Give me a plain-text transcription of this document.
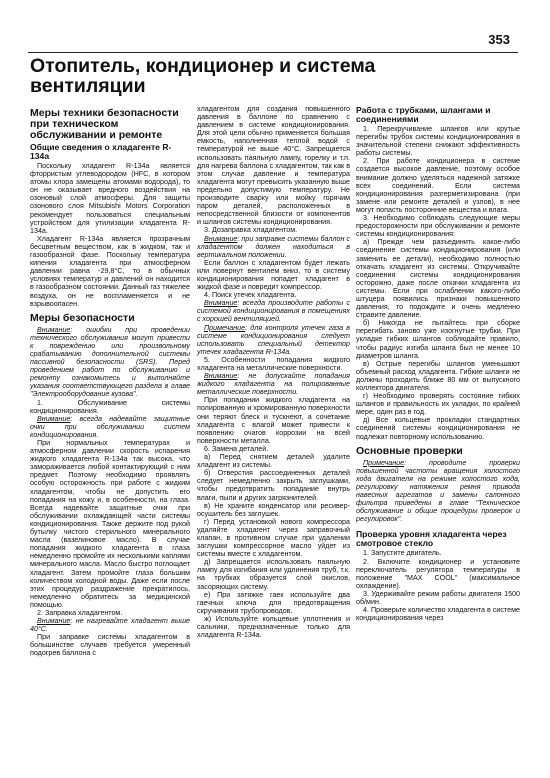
353
Отопитель, кондиционер и система вентиляции
Меры техники безопасности при техническом обслуживании и ремонте
Общие сведения о хладагенте R-134a

Поскольку хладагент R-134a является фторристым углеводородом (HFC, в котором атомы хлора замещены атомами водорода), то он не оказывает вредного воздействия на озоновый слой атмосферы. Для защиты озонового слоя Mitsubishi Motors Corporation рекомендует пользоваться специальным устройством для утилизации хладагента R-134a.

Хладагент R-134a является прозрачным бесцветным веществом, как в жидком, так и газообразной фазе. Поскольку температура кипения хладагента при атмосферном давлении равна -29,8°C, то в обычных условиях температур и давлений он находится в газообразном состоянии. Данный газ тяжелее воздуха, он не воспламеняется и не взрывоопасен.

Меры безопасности

Внимание: ошибки при проведении технического обслуживания могут привести к повреждению или произвольному срабатыванию дополнительной системы пассивной безопасности (SRS). Перед проведением работ по обслуживанию и ремонту ознакомьтесь и выполняйте указания соответствующего раздела в главе "Электрооборудование кузова".

1. Обслуживание системы кондиционирования.

Внимание: всегда надевайте защитные очки при обслуживании систем кондиционирования.

При нормальных температурах и атмосферном давлении скорость испарения жидкого хладагента R-134a так высока, что замораживается любой контактирующий с ним предмет. Поэтому необходимо проявлять особую осторожность при работе с жидким хладагентом, чтобы не допустить его попадания на кожу и, в особенности, на глаза. Всегда надевайте защитные очки при обслуживании охлаждающей части системы кондиционирования. Также держите под рукой бутылку чистого стерильного минерального масла (вазелиновое масло). В случае попадания жидкого хладагента в глаза немедленно промойте их несколькими каплями минерального масла. Масло быстро поглощает хладагент. Затем промойте глаза большим количеством холодной воды. Даже если после этих процедур раздражение прекратилось, немедленно обратитесь за медицинской помощью.

2. Заправка хладагентом.

Внимание: не нагревайте хладагент выше 40°C.

При заправке системы хладагентом в большинстве случаев требуется умеренный подогрев баллона с

хладагентом для создания повышенного давления в баллоне по сравнению с давлением в системе кондиционирования. Для этой цели обычно применяется большая емкость, наполненная теплой водой с температурой не выше 40°C. Запрещается использовать паяльную лампу, горелку и т.п. для нагрева баллона с хладагентом, так как в этом случае давление и температура хладагента могут превысить указанную выше предельно допустимую температуру. Не производите сварку или мойку горячим паром деталей, расположенных в непосредственной близости от компонентов и шлангов системы кондиционирования.

3. Дозаправка хладагентом.

Внимание: при заправке системы баллон с хладагентом должен находиться в вертикальном положении.

Если баллон с хладагентом будет лежать или повернут вентилем вниз, то в систему кондиционирования попадет хладагент в жидкой фазе и повредит компрессор.

4. Поиск утечек хладагента.

Внимание: всегда производите работы с системой кондиционирования в помещениях с хорошей вентиляцией.

Примечание: для контроля утечек газа в системе кондиционирования следует использовать специальный детектор утечек хладагента R-134a.

5. Особенности попадания жидкого хладагента на металлические поверхности.

Внимание: не допускайте попадания жидкого хладагента на полированные металлические поверхности.

При попадании жидкого хладагента на полированную и хромированную поверхности они теряют блеск и тускнеют, а сочетание хладагента с влагой может привести к появлению очагов коррозии на всей поверхности металла.

6. Замена деталей.

а) Перед снятием деталей удалите хладагент из системы.

б) Отверстия рассоединенных деталей следует немедленно закрыть заглушками, чтобы предотвратить попадание внутрь влаги, пыли и других загрязнителей.

в) Не храните конденсатор или ресивер-осушитель без заглушек.

г) Перед установкой нового компрессора удаляйте хладагент через заправочный клапан, в противном случае при удалении заглушки компрессорное масло уйдет из системы вместе с хладагентом.

д) Запрещается использовать паяльную лампу для изгибания или удлинения труб, т.к. на трубках образуется слой окислов, засоряющих систему.

е) При затяжке гаек используйте два гаечных ключа для предотвращения скручивания трубопроводов.

ж) Используйте кольцевые уплотнения и сальники, предназначенные только для хладагента R-134a.

Работа с трубками, шлангами и соединениями

1. Перекручивание шлангов или крутые перегибы трубок системы кондиционирования в значительной степени снижают эффективность работы системы.

2. При работе кондиционера в системе создается высокое давление, поэтому особое внимание должно уделяться надежной затяжке всех соединений. Если система кондиционирования разгерметизирована (при замене или ремонте деталей и узлов), в нее могут попасть посторонние вещества и влага.

3. Необходимо соблюдать следующие меры предосторожности при обслуживании и ремонте системы кондиционирования:

а) Прежде чем разъединить какое-либо соединение системы кондиционирования (или заменить ее детали), необходимо полностью откачать хладагент из системы. Откручивайте соединения системы кондиционирования осторожно, даже после откачки хладагента из системы. Если при ослаблении какого-либо штуцера появились признаки повышенного давления, то подождите и очень медленно стравите давление.

б) Никогда не пытайтесь при сборке перегибать заново уже изогнутые трубки. При укладке гибких шлангов соблюдайте правило, чтобы радиус изгиба шланга был не менее 10 диаметров шланга.

в) Острые перегибы шлангов уменьшают объемный расход хладагента. Гибкие шланги не должны проходить ближе 80 мм от выпускного коллектора двигателя.

г) Необходимо проверять состояние гибких шлангов и правильность их укладки, по крайней мере, один раз в год.

д) Все кольцевые прокладки стандартных соединений системы кондиционирования не подлежат повторному использованию.

Основные проверки

Примечание: проводите проверки повышенной частоты вращения холостого хода двигателя на режиме холостого хода, регулировку натяжения ремня привода навесных агрегатов и замены салонного фильтра приведены в главе "Техническое обслуживание и общие процедуры проверок и регулировок".

Проверка уровня хладагента через смотровое стекло

1. Запустите двигатель.

2. Включите кондиционер и установите переключатель регулятора температуры в положение "MAX COOL" (максимальное охлаждение).

3. Удерживайте режим работы двигателя 1500 об/мин.

4. Проверьте количество хладагента в системе кондиционирования через
